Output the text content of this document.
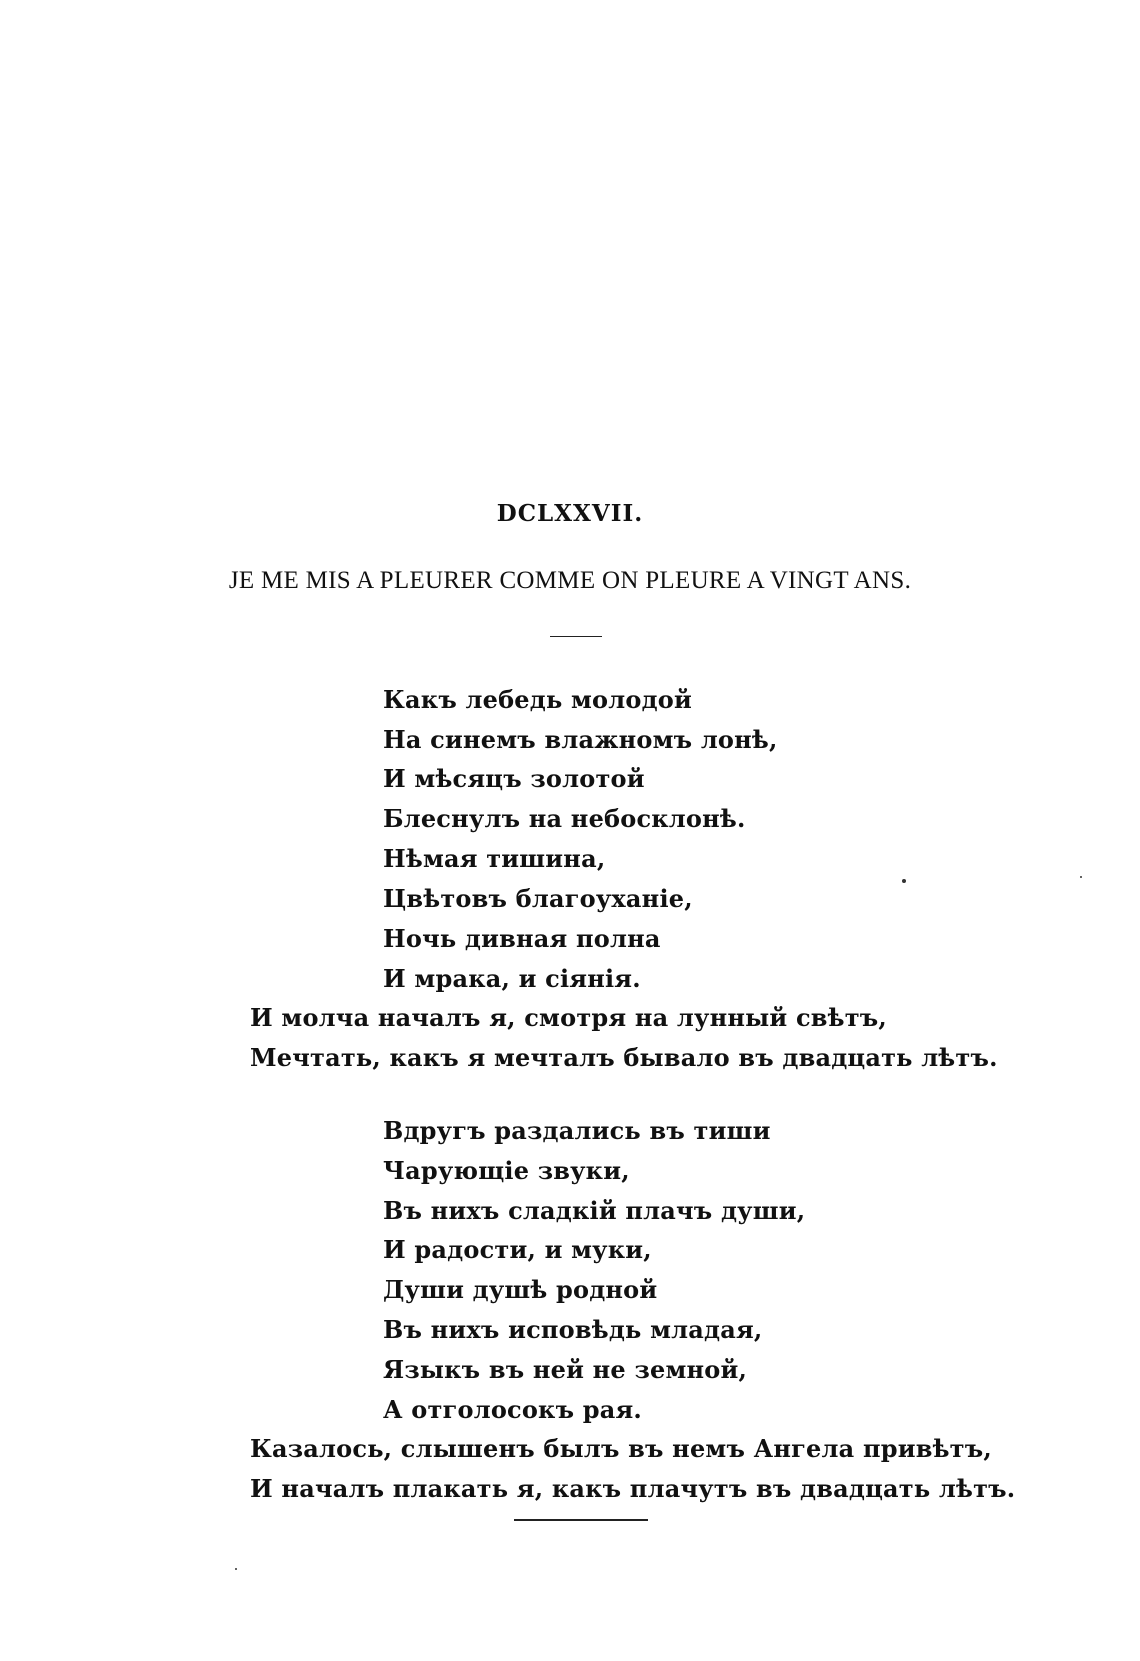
DCLXXVII.
JE ME MIS A PLEURER COMME ON PLEURE A VINGT ANS.
Какъ лебедь молодой
На синемъ влажномъ лонѣ,
И мѣсяцъ золотой
Блеснулъ на небосклонѣ.
Нѣмая тишина,
Цвѣтовъ благоуханіе,
Ночь дивная полна
И мрака, и сіянія.
И молча началъ я, смотря на лунный свѣтъ,
Мечтать, какъ я мечталъ бывало въ двадцать лѣтъ.
Вдругъ раздались въ тиши
Чарующіе звуки,
Въ нихъ сладкій плачъ души,
И радости, и муки,
Души душѣ родной
Въ нихъ исповѣдь младая,
Языкъ въ ней не земной,
А отголосокъ рая.
Казалось, слышенъ былъ въ немъ Ангела привѣтъ,
И началъ плакать я, какъ плачутъ въ двадцать лѣтъ.
